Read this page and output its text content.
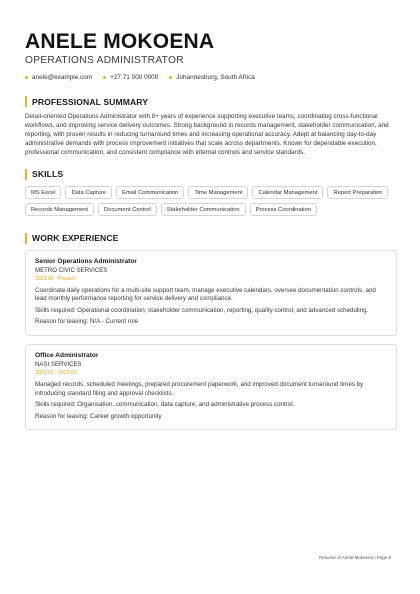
ANELE MOKOENA
OPERATIONS ADMINISTRATOR
anele@example.com	+27 71 000 0000	Johannesburg, South Africa
PROFESSIONAL SUMMARY
Detail-oriented Operations Administrator with 8+ years of experience supporting executive teams, coordinating cross-functional workflows, and improving service delivery outcomes. Strong background in records management, stakeholder communication, and reporting, with proven results in reducing turnaround times and increasing operational accuracy. Adept at balancing day-to-day administrative demands with process improvement initiatives that scale across departments. Known for dependable execution, professional communication, and consistent compliance with internal controls and service standards.
SKILLS
MS Excel	Data Capture	Email Communication	Time Management	Calendar Management	Report Preparation
Records Management	Document Control	Stakeholder Communication	Process Coordination
WORK EXPERIENCE
Senior Operations Administrator
METRO CIVIC SERVICES
2023-06 - Present
Coordinate daily operations for a multi-site support team, manage executive calendars, oversee documentation controls, and lead monthly performance reporting for service delivery and compliance.
Skills required: Operational coordination, stakeholder communication, reporting, quality control, and advanced scheduling.
Reason for leaving: N/A - Current role
Office Administrator
NASI SERVICES
2021-01 - 2023-05
Managed records, scheduled meetings, prepared procurement paperwork, and improved document turnaround times by introducing standard filing and approval checklists.
Skills required: Organisation, communication, data capture, and administrative process control.
Reason for leaving: Career growth opportunity
Resume of Anele Mokoena | Page 0
